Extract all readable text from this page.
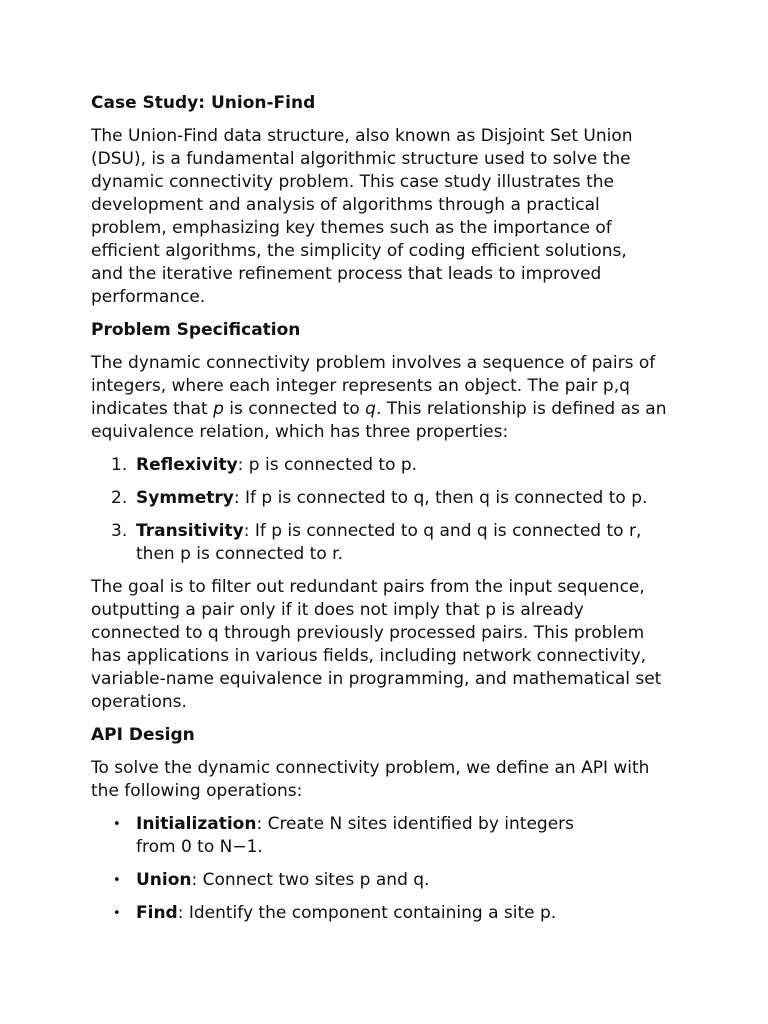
Case Study: Union-Find

The Union-Find data structure, also known as Disjoint Set Union (DSU), is a fundamental algorithmic structure used to solve the dynamic connectivity problem. This case study illustrates the development and analysis of algorithms through a practical problem, emphasizing key themes such as the importance of efficient algorithms, the simplicity of coding efficient solutions, and the iterative refinement process that leads to improved performance.

Problem Specification

The dynamic connectivity problem involves a sequence of pairs of integers, where each integer represents an object. The pair p,q indicates that p is connected to q. This relationship is defined as an equivalence relation, which has three properties:

1. Reflexivity: p is connected to p.
2. Symmetry: If p is connected to q, then q is connected to p.
3. Transitivity: If p is connected to q and q is connected to r, then p is connected to r.

The goal is to filter out redundant pairs from the input sequence, outputting a pair only if it does not imply that p is already connected to q through previously processed pairs. This problem has applications in various fields, including network connectivity, variable-name equivalence in programming, and mathematical set operations.

API Design

To solve the dynamic connectivity problem, we define an API with the following operations:

• Initialization: Create N sites identified by integers
from 0 to N−1.
• Union: Connect two sites p and q.
• Find: Identify the component containing a site p.
